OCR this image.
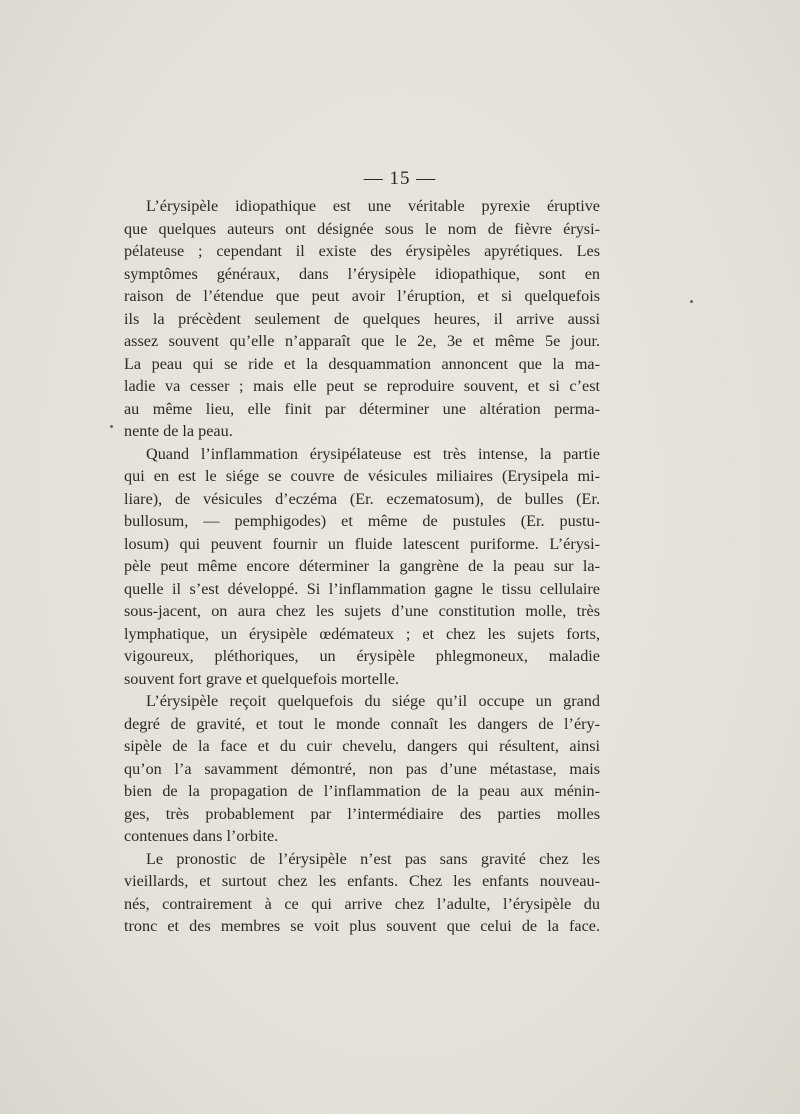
— 15 —
L’érysipèle idiopathique est une véritable pyrexie éruptive
que quelques auteurs ont désignée sous le nom de fièvre érysi-
pélateuse ; cependant il existe des érysipèles apyrétiques. Les
symptômes généraux, dans l’érysipèle idiopathique, sont en
raison de l’étendue que peut avoir l’éruption, et si quelquefois
ils la précèdent seulement de quelques heures, il arrive aussi
assez souvent qu’elle n’apparaît que le 2e, 3e et même 5e jour.
La peau qui se ride et la desquammation annoncent que la ma-
ladie va cesser ; mais elle peut se reproduire souvent, et si c’est
au même lieu, elle finit par déterminer une altération perma-
nente de la peau.
Quand l’inflammation érysipélateuse est très intense, la partie
qui en est le siége se couvre de vésicules miliaires (Erysipela mi-
liare), de vésicules d’eczéma (Er. eczematosum), de bulles (Er.
bullosum, — pemphigodes) et même de pustules (Er. pustu-
losum) qui peuvent fournir un fluide latescent puriforme. L’érysi-
pèle peut même encore déterminer la gangrène de la peau sur la-
quelle il s’est développé. Si l’inflammation gagne le tissu cellulaire
sous-jacent, on aura chez les sujets d’une constitution molle, très
lymphatique, un érysipèle œdémateux ; et chez les sujets forts,
vigoureux, pléthoriques, un érysipèle phlegmoneux, maladie
souvent fort grave et quelquefois mortelle.
L’érysipèle reçoit quelquefois du siége qu’il occupe un grand
degré de gravité, et tout le monde connaît les dangers de l’éry-
sipèle de la face et du cuir chevelu, dangers qui résultent, ainsi
qu’on l’a savamment démontré, non pas d’une métastase, mais
bien de la propagation de l’inflammation de la peau aux ménin-
ges, très probablement par l’intermédiaire des parties molles
contenues dans l’orbite.
Le pronostic de l’érysipèle n’est pas sans gravité chez les
vieillards, et surtout chez les enfants. Chez les enfants nouveau-
nés, contrairement à ce qui arrive chez l’adulte, l’érysipèle du
tronc et des membres se voit plus souvent que celui de la face.
